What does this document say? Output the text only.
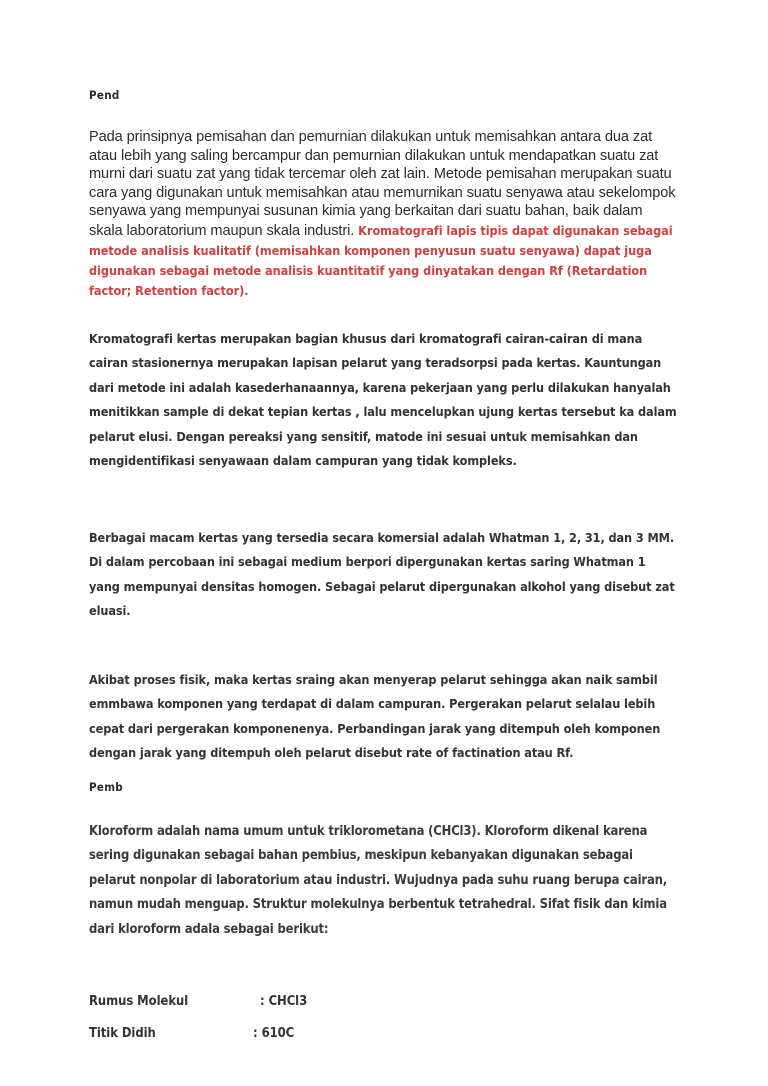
Pend

Pada prinsipnya pemisahan dan pemurnian dilakukan untuk memisahkan antara dua zat atau lebih yang saling bercampur dan pemurnian dilakukan untuk mendapatkan suatu zat murni dari suatu zat yang tidak tercemar oleh zat lain. Metode pemisahan merupakan suatu cara yang digunakan untuk memisahkan atau memurnikan suatu senyawa atau sekelompok senyawa yang mempunyai susunan kimia yang berkaitan dari suatu bahan, baik dalam skala laboratorium maupun skala industri. Kromatografi lapis tipis dapat digunakan sebagai metode analisis kualitatif (memisahkan komponen penyusun suatu senyawa) dapat juga digunakan sebagai metode analisis kuantitatif yang dinyatakan dengan Rf (Retardation factor; Retention factor).

Kromatografi kertas merupakan bagian khusus dari kromatografi cairan-cairan di mana cairan stasionernya merupakan lapisan pelarut yang teradsorpsi pada kertas. Kauntungan dari metode ini adalah kasederhanaannya, karena pekerjaan yang perlu dilakukan hanyalah menitikkan sample di dekat tepian kertas , lalu mencelupkan ujung kertas tersebut ka dalam pelarut elusi. Dengan pereaksi yang sensitif, matode ini sesuai untuk memisahkan dan mengidentifikasi senyawaan dalam campuran yang tidak kompleks.

Berbagai macam kertas yang tersedia secara komersial adalah Whatman 1, 2, 31, dan 3 MM. Di dalam percobaan ini sebagai medium berpori dipergunakan kertas saring Whatman 1 yang mempunyai densitas homogen. Sebagai pelarut dipergunakan alkohol yang disebut zat eluasi.

Akibat proses fisik, maka kertas sraing akan menyerap pelarut sehingga akan naik sambil emmbawa komponen yang terdapat di dalam campuran. Pergerakan pelarut selalau lebih cepat dari pergerakan komponenenya. Perbandingan jarak yang ditempuh oleh komponen dengan jarak yang ditempuh oleh pelarut disebut rate of factination atau Rf.

Pemb

Kloroform adalah nama umum untuk triklorometana (CHCl3). Kloroform dikenal karena sering digunakan sebagai bahan pembius, meskipun kebanyakan digunakan sebagai pelarut nonpolar di laboratorium atau industri. Wujudnya pada suhu ruang berupa cairan, namun mudah menguap. Struktur molekulnya berbentuk tetrahedral. Sifat fisik dan kimia dari kloroform adala sebagai berikut:

Rumus Molekul

	: CHCl3

Titik Didih

	: 610C
